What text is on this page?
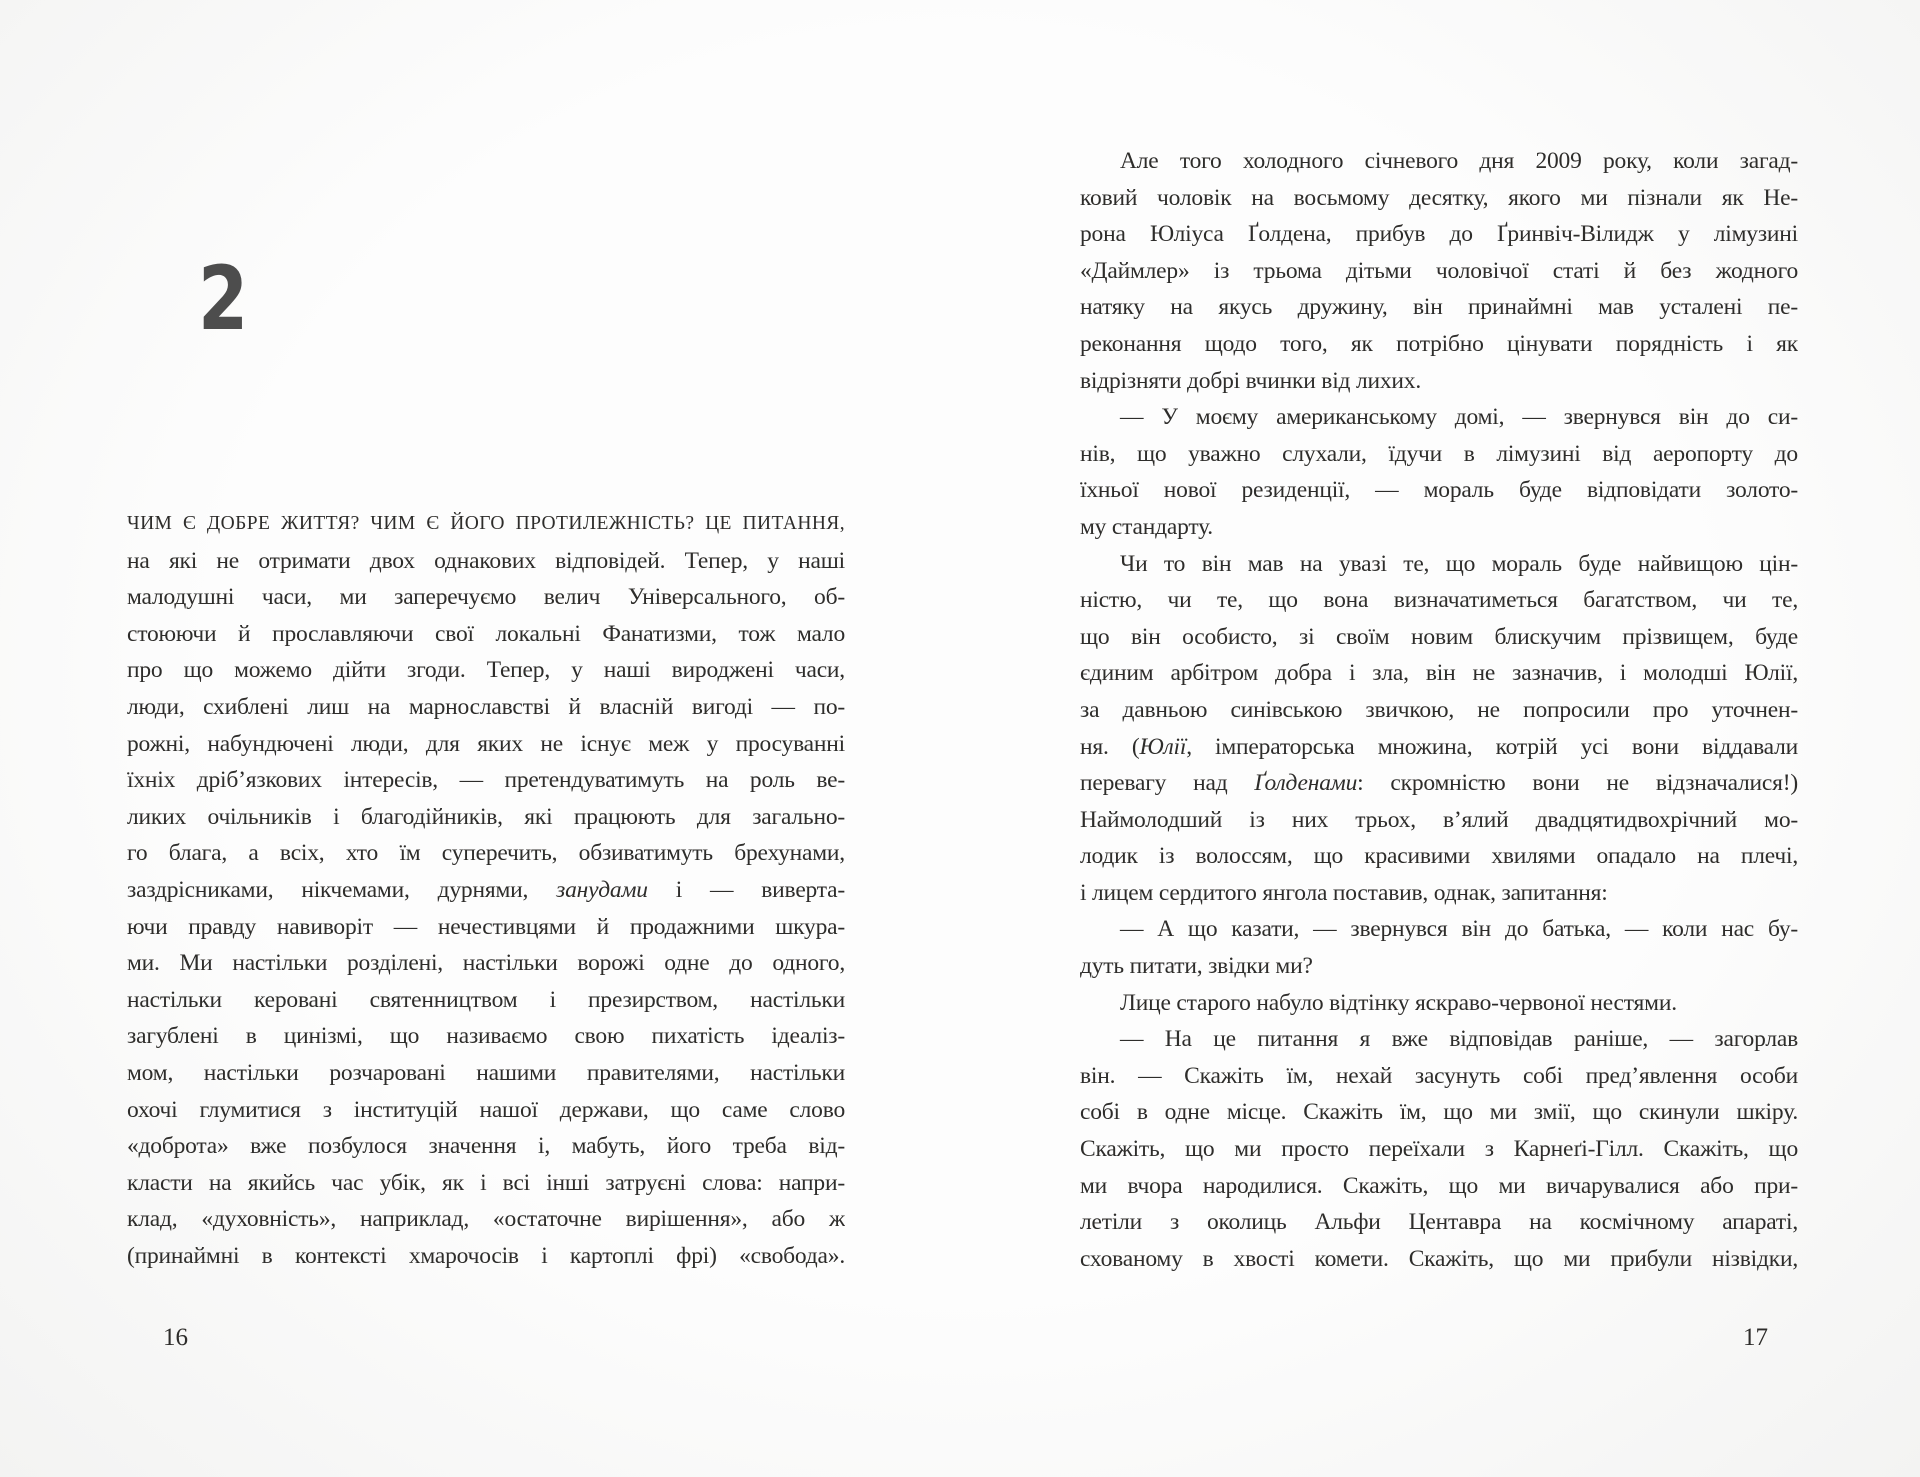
2
ЧИМ Є ДОБРЕ ЖИТТЯ? ЧИМ Є ЙОГО ПРОТИЛЕЖНІСТЬ? ЦЕ ПИТАННЯ,
на які не отримати двох однакових відповідей. Тепер, у наші
малодушні часи, ми заперечуємо велич Універсального, об-
стоюючи й прославляючи свої локальні Фанатизми, тож мало
про що можемо дійти згоди. Тепер, у наші вироджені часи,
люди, схиблені лиш на марнославстві й власній вигоді — по-
рожні, набундючені люди, для яких не існує меж у просуванні
їхніх дріб’язкових інтересів, — претендуватимуть на роль ве-
ликих очільників і благодійників, які працюють для загально-
го блага, а всіх, хто їм суперечить, обзиватимуть брехунами,
заздрісниками, нікчемами, дурнями, занудами і — виверта-
ючи правду навиворіт — нечестивцями й продажними шкура-
ми. Ми настільки розділені, настільки ворожі одне до одного,
настільки керовані святенництвом і презирством, настільки
загублені в цинізмі, що називаємо свою пихатість ідеаліз-
мом, настільки розчаровані нашими правителями, настільки
охочі глумитися з інституцій нашої держави, що саме слово
«доброта» вже позбулося значення і, мабуть, його треба від-
класти на якийсь час убік, як і всі інші затруєні слова: напри-
клад, «духовність», наприклад, «остаточне вирішення», або ж
(принаймні в контексті хмарочосів і картоплі фрі) «свобода».
16
Але того холодного січневого дня 2009 року, коли загад-
ковий чоловік на восьмому десятку, якого ми пізнали як Не-
рона Юліуса Ґолдена, прибув до Ґринвіч-Вілидж у лімузині
«Даймлер» із трьома дітьми чоловічої статі й без жодного
натяку на якусь дружину, він принаймні мав усталені пе-
реконання щодо того, як потрібно цінувати порядність і як
відрізняти добрі вчинки від лихих.
— У моєму американському домі, — звернувся він до си-
нів, що уважно слухали, їдучи в лімузині від аеропорту до
їхньої нової резиденції, — мораль буде відповідати золото-
му стандарту.
Чи то він мав на увазі те, що мораль буде найвищою цін-
ністю, чи те, що вона визначатиметься багатством, чи те,
що він особисто, зі своїм новим блискучим прізвищем, буде
єдиним арбітром добра і зла, він не зазначив, і молодші Юлії,
за давньою синівською звичкою, не попросили про уточнен-
ня. (Юлії, імператорська множина, котрій усі вони віддавали
перевагу над Ґолденами: скромністю вони не відзначалися!)
Наймолодший із них трьох, в’ялий двадцятидвохрічний мо-
лодик із волоссям, що красивими хвилями опадало на плечі,
і лицем сердитого янгола поставив, однак, запитання:
— А що казати, — звернувся він до батька, — коли нас бу-
дуть питати, звідки ми?
Лице старого набуло відтінку яскраво-червоної нестями.
— На це питання я вже відповідав раніше, — загорлав
він. — Скажіть їм, нехай засунуть собі пред’явлення особи
собі в одне місце. Скажіть їм, що ми змії, що скинули шкіру.
Скажіть, що ми просто переїхали з Карнеґі-Гілл. Скажіть, що
ми вчора народилися. Скажіть, що ми вичарувалися або при-
летіли з околиць Альфи Центавра на космічному апараті,
схованому в хвості комети. Скажіть, що ми прибули нізвідки,
17
